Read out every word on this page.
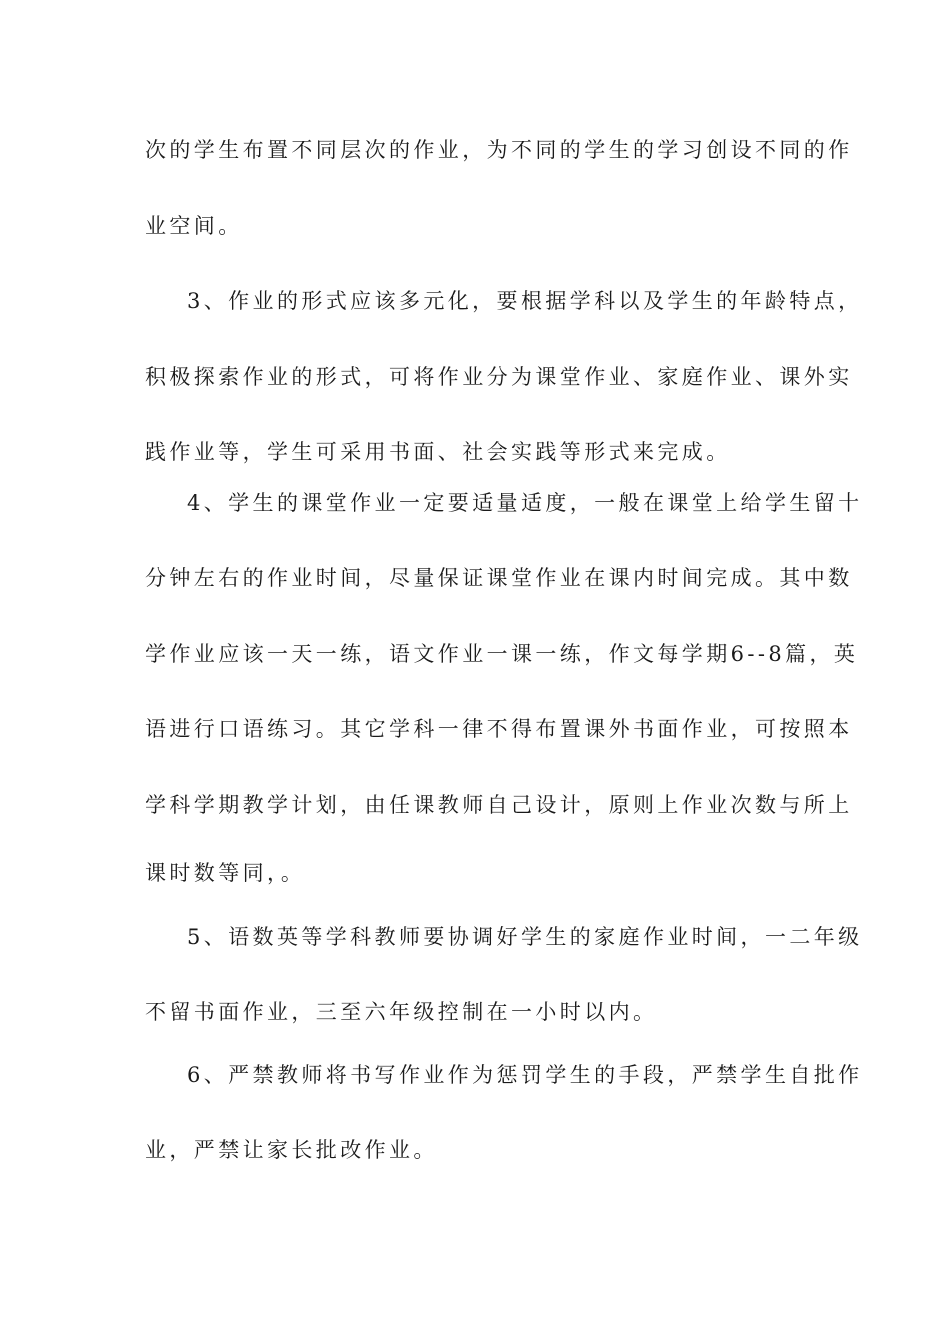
次的学生布置不同层次的作业，为不同的学生的学习创设不同的作
业空间。
3、作业的形式应该多元化，要根据学科以及学生的年龄特点，
积极探索作业的形式，可将作业分为课堂作业、家庭作业、课外实
践作业等，学生可采用书面、社会实践等形式来完成。
4、学生的课堂作业一定要适量适度，一般在课堂上给学生留十
分钟左右的作业时间，尽量保证课堂作业在课内时间完成。其中数
学作业应该一天一练，语文作业一课一练，作文每学期6--8篇，英
语进行口语练习。其它学科一律不得布置课外书面作业，可按照本
学科学期教学计划，由任课教师自己设计，原则上作业次数与所上
课时数等同，。
5、语数英等学科教师要协调好学生的家庭作业时间，一二年级
不留书面作业，三至六年级控制在一小时以内。
6、严禁教师将书写作业作为惩罚学生的手段，严禁学生自批作
业，严禁让家长批改作业。
